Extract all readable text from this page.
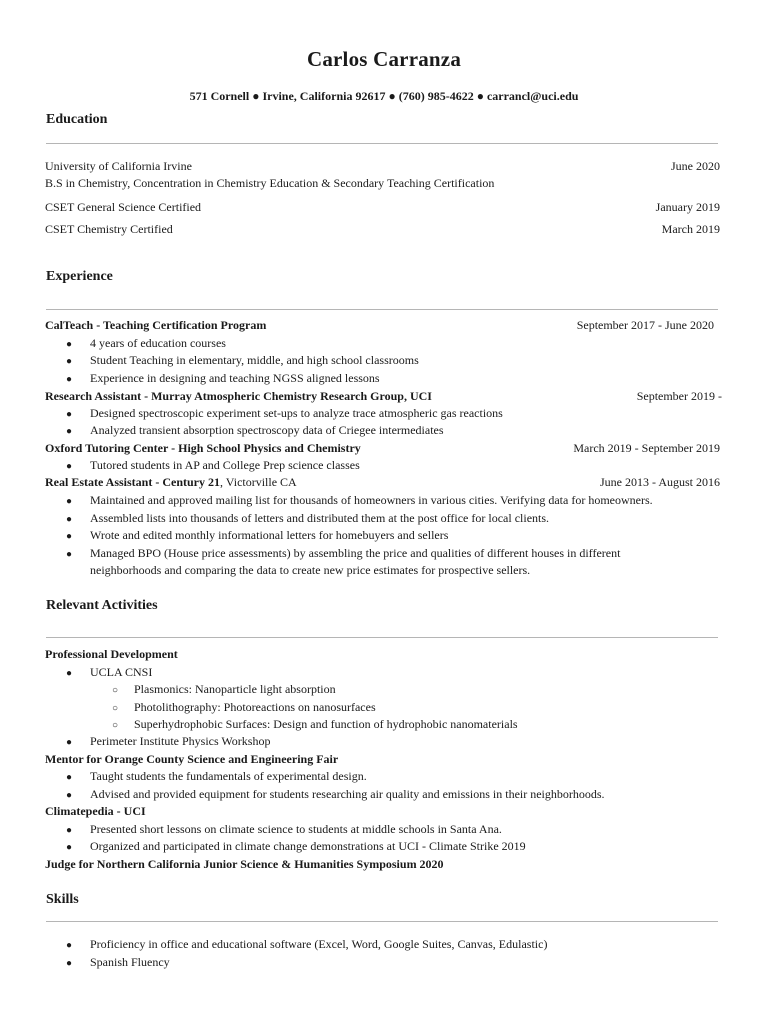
Carlos Carranza
571 Cornell ● Irvine, California 92617 ● (760) 985-4622 ● carrancl@uci.edu
Education
University of California Irvine	June 2020
B.S in Chemistry, Concentration in Chemistry Education & Secondary Teaching Certification
CSET General Science Certified	January 2019
CSET Chemistry Certified	March 2019
Experience
CalTeach - Teaching Certification Program	September 2017 - June 2020
● 4 years of education courses
● Student Teaching in elementary, middle, and high school classrooms
● Experience in designing and teaching NGSS aligned lessons
Research Assistant - Murray Atmospheric Chemistry Research Group, UCI	September 2019 -
● Designed spectroscopic experiment set-ups to analyze trace atmospheric gas reactions
● Analyzed transient absorption spectroscopy data of Criegee intermediates
Oxford Tutoring Center - High School Physics and Chemistry	March 2019 - September 2019
● Tutored students in AP and College Prep science classes
Real Estate Assistant - Century 21, Victorville CA	June 2013 - August 2016
● Maintained and approved mailing list for thousands of homeowners in various cities. Verifying data for homeowners.
● Assembled lists into thousands of letters and distributed them at the post office for local clients.
● Wrote and edited monthly informational letters for homebuyers and sellers
● Managed BPO (House price assessments) by assembling the price and qualities of different houses in different
neighborhoods and comparing the data to create new price estimates for prospective sellers.
Relevant Activities
Professional Development
● UCLA CNSI
○ Plasmonics: Nanoparticle light absorption
○ Photolithography: Photoreactions on nanosurfaces
○ Superhydrophobic Surfaces: Design and function of hydrophobic nanomaterials
● Perimeter Institute Physics Workshop
Mentor for Orange County Science and Engineering Fair
● Taught students the fundamentals of experimental design.
● Advised and provided equipment for students researching air quality and emissions in their neighborhoods.
Climatepedia - UCI
● Presented short lessons on climate science to students at middle schools in Santa Ana.
● Organized and participated in climate change demonstrations at UCI - Climate Strike 2019
Judge for Northern California Junior Science & Humanities Symposium 2020
Skills
● Proficiency in office and educational software (Excel, Word, Google Suites, Canvas, Edulastic)
● Spanish Fluency
